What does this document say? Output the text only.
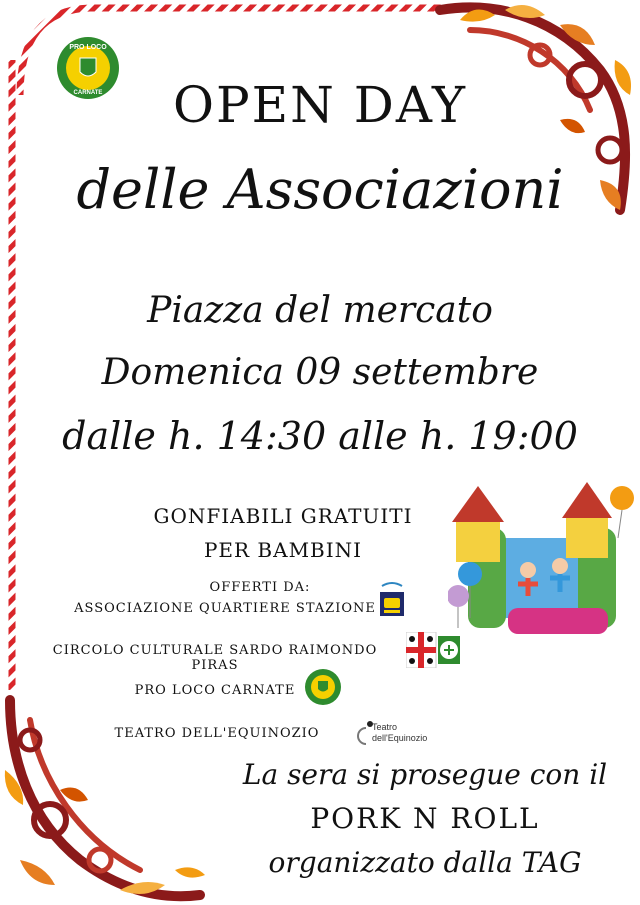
PRO LOCO
CARNATE	OPEN DAY
delle Associazioni
Piazza del mercato
Domenica 09 settembre
dalle h. 14:30 alle h. 19:00
GONFIABILI GRATUITI
PER BAMBINI
OFFERTI DA:
ASSOCIAZIONE QUARTIERE STAZIONE
CIRCOLO CULTURALE SARDO RAIMONDO PIRAS
PRO LOCO CARNATE
TEATRO DELL'EQUINOZIO	Teatro
dell'Equinozio
La sera si prosegue con il
PORK N ROLL
organizzato dalla TAG
